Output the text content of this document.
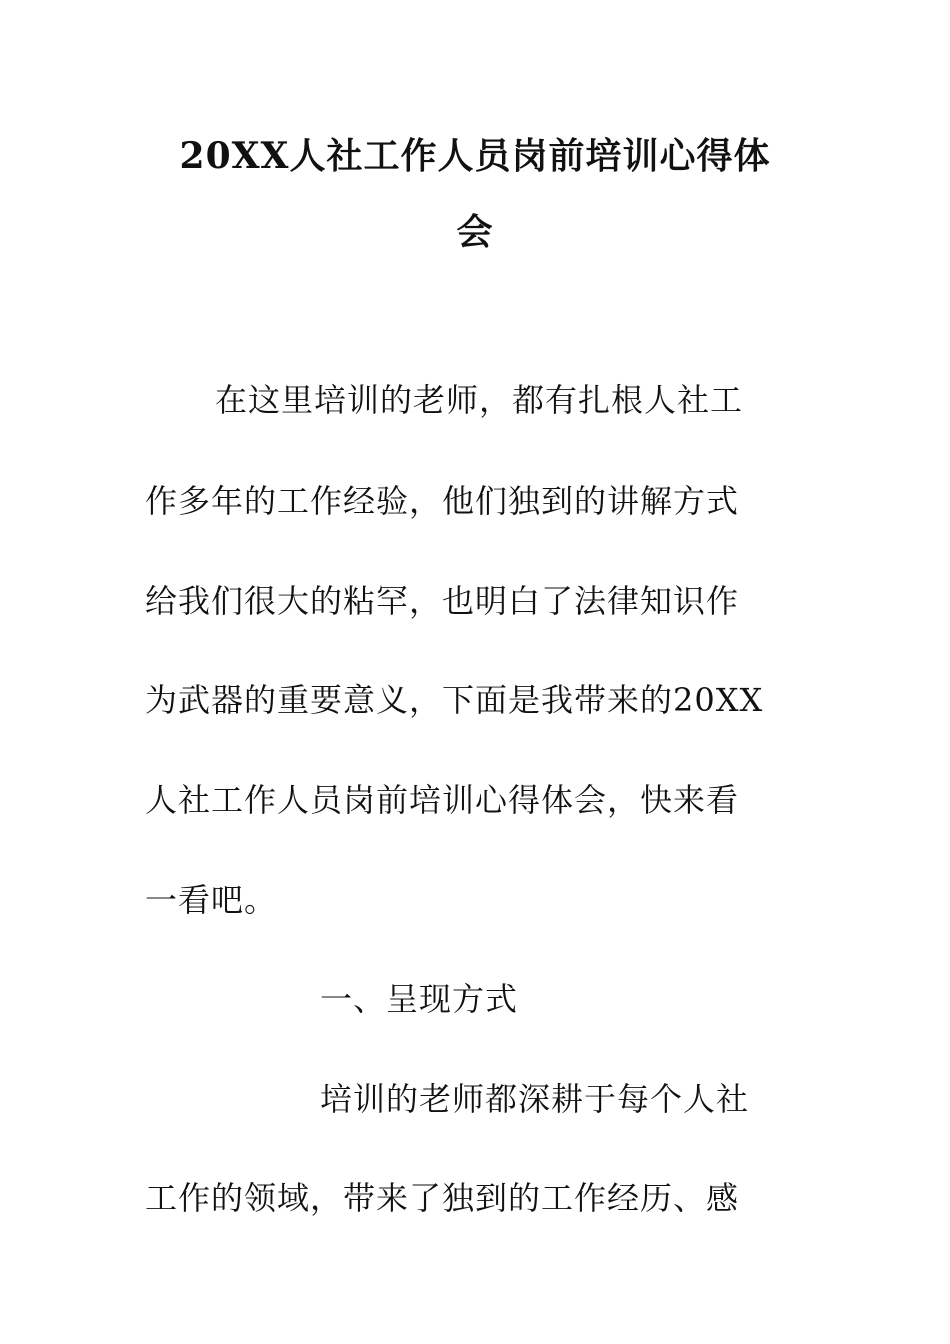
20XX人社工作人员岗前培训心得体
会
在这里培训的老师，都有扎根人社工
作多年的工作经验，他们独到的讲解方式
给我们很大的粘罕，也明白了法律知识作
为武器的重要意义，下面是我带来的20XX
人社工作人员岗前培训心得体会，快来看
一看吧。
一、呈现方式
培训的老师都深耕于每个人社
工作的领域，带来了独到的工作经历、感
